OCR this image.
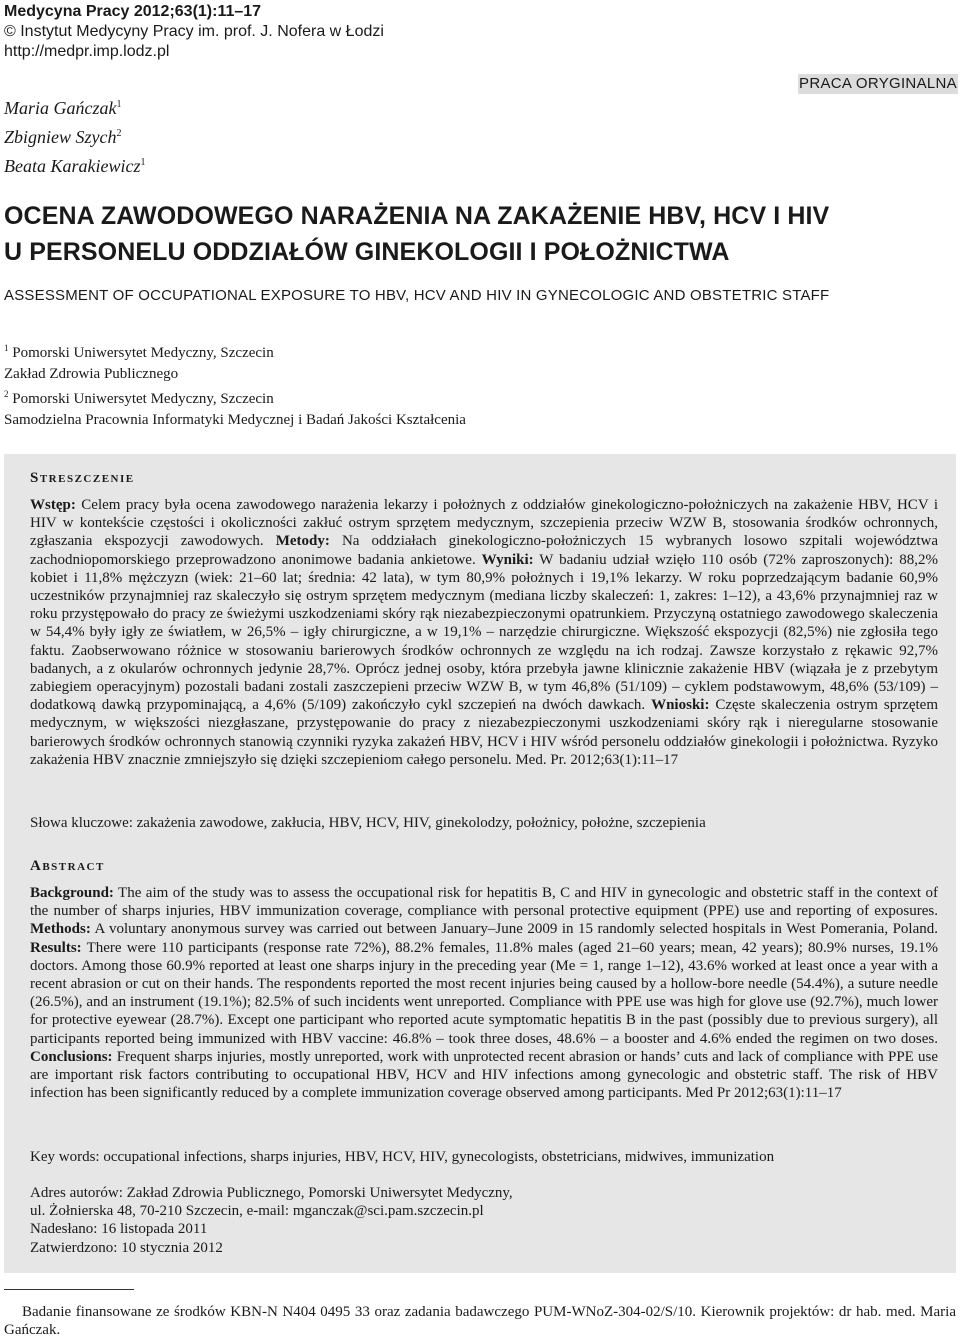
Medycyna Pracy 2012;63(1):11–17
© Instytut Medycyny Pracy im. prof. J. Nofera w Łodzi
http://medpr.imp.lodz.pl
PRACA ORYGINALNA
Maria Gańczak$^1$
Zbigniew Szych$^2$
Beata Karakiewicz$^1$
OCENA ZAWODOWEGO NARAŻENIA NA ZAKAŻENIE HBV, HCV I HIV
U PERSONELU ODDZIAŁÓW GINEKOLOGII I POŁOŻNICTWA
ASSESSMENT OF OCCUPATIONAL EXPOSURE TO HBV, HCV AND HIV IN GYNECOLOGIC AND OBSTETRIC STAFF
$^1$ Pomorski Uniwersytet Medyczny, Szczecin
Zakład Zdrowia Publicznego
$^2$ Pomorski Uniwersytet Medyczny, Szczecin
Samodzielna Pracownia Informatyki Medycznej i Badań Jakości Kształcenia
Streszczenie
Wstęp: Celem pracy była ocena zawodowego narażenia lekarzy i położnych z oddziałów ginekologiczno-położniczych na zakażenie HBV, HCV i HIV w kontekście częstości i okoliczności zakłuć ostrym sprzętem medycznym, szczepienia przeciw WZW B, stosowania środków ochronnych, zgłaszania ekspozycji zawodowych. Metody: Na oddziałach ginekologiczno-położniczych 15 wybranych losowo szpitali województwa zachodniopomorskiego przeprowadzono anonimowe badania ankietowe. Wyniki: W badaniu udział wzięło 110 osób (72% zaproszonych): 88,2% kobiet i 11,8% mężczyzn (wiek: 21–60 lat; średnia: 42 lata), w tym 80,9% położnych i 19,1% lekarzy. W roku poprzedzającym badanie 60,9% uczestników przynajmniej raz skaleczyło się ostrym sprzętem medycznym (mediana liczby skaleczeń: 1, zakres: 1–12), a 43,6% przynajmniej raz w roku przystępowało do pracy ze świeżymi uszkodzeniami skóry rąk niezabezpieczonymi opatrunkiem. Przyczyną ostatniego zawodowego skaleczenia w 54,4% były igły ze światłem, w 26,5% – igły chirurgiczne, a w 19,1% – narzędzie chirurgiczne. Większość ekspozycji (82,5%) nie zgłosiła tego faktu. Zaobserwowano różnice w stosowaniu barierowych środków ochronnych ze względu na ich rodzaj. Zawsze korzystało z rękawic 92,7% badanych, a z okularów ochronnych jedynie 28,7%. Oprócz jednej osoby, która przebyła jawne klinicznie zakażenie HBV (wiązała je z przebytym zabiegiem operacyjnym) pozostali badani zostali zaszczepieni przeciw WZW B, w tym 46,8% (51/109) – cyklem podstawowym, 48,6% (53/109) – dodatkową dawką przypominającą, a 4,6% (5/109) zakończyło cykl szczepień na dwóch dawkach. Wnioski: Częste skaleczenia ostrym sprzętem medycznym, w większości niezgłaszane, przystępowanie do pracy z niezabezpieczonymi uszkodzeniami skóry rąk i nieregularne stosowanie barierowych środków ochronnych stanowią czynniki ryzyka zakażeń HBV, HCV i HIV wśród personelu oddziałów ginekologii i położnictwa. Ryzyko zakażenia HBV znacznie zmniejszyło się dzięki szczepieniom całego personelu. Med. Pr. 2012;63(1):11–17
Słowa kluczowe: zakażenia zawodowe, zakłucia, HBV, HCV, HIV, ginekolodzy, położnicy, położne, szczepienia
Abstract
Background: The aim of the study was to assess the occupational risk for hepatitis B, C and HIV in gynecologic and obstetric staff in the context of the number of sharps injuries, HBV immunization coverage, compliance with personal protective equipment (PPE) use and reporting of exposures. Methods: A voluntary anonymous survey was carried out between January–June 2009 in 15 randomly selected hospitals in West Pomerania, Poland. Results: There were 110 participants (response rate 72%), 88.2% females, 11.8% males (aged 21–60 years; mean, 42 years); 80.9% nurses, 19.1% doctors. Among those 60.9% reported at least one sharps injury in the preceding year (Me = 1, range 1–12), 43.6% worked at least once a year with a recent abrasion or cut on their hands. The respondents reported the most recent injuries being caused by a hollow-bore needle (54.4%), a suture needle (26.5%), and an instrument (19.1%); 82.5% of such incidents went unreported. Compliance with PPE use was high for glove use (92.7%), much lower for protective eyewear (28.7%). Except one participant who reported acute symptomatic hepatitis B in the past (possibly due to previous surgery), all participants reported being immunized with HBV vaccine: 46.8% – took three doses, 48.6% – a booster and 4.6% ended the regimen on two doses. Conclusions: Frequent sharps injuries, mostly unreported, work with unprotected recent abrasion or hands’ cuts and lack of compliance with PPE use are important risk factors contributing to occupational HBV, HCV and HIV infections among gynecologic and obstetric staff. The risk of HBV infection has been significantly reduced by a complete immunization coverage observed among participants. Med Pr 2012;63(1):11–17
Key words: occupational infections, sharps injuries, HBV, HCV, HIV, gynecologists, obstetricians, midwives, immunization
Adres autorów: Zakład Zdrowia Publicznego, Pomorski Uniwersytet Medyczny,
ul. Żołnierska 48, 70-210 Szczecin, e-mail: mganczak@sci.pam.szczecin.pl
Nadesłano: 16 listopada 2011
Zatwierdzono: 10 stycznia 2012
Badanie finansowane ze środków KBN-N N404 0495 33 oraz zadania badawczego PUM-WNoZ-304-02/S/10. Kierownik projektów: dr hab. med. Maria Gańczak.
